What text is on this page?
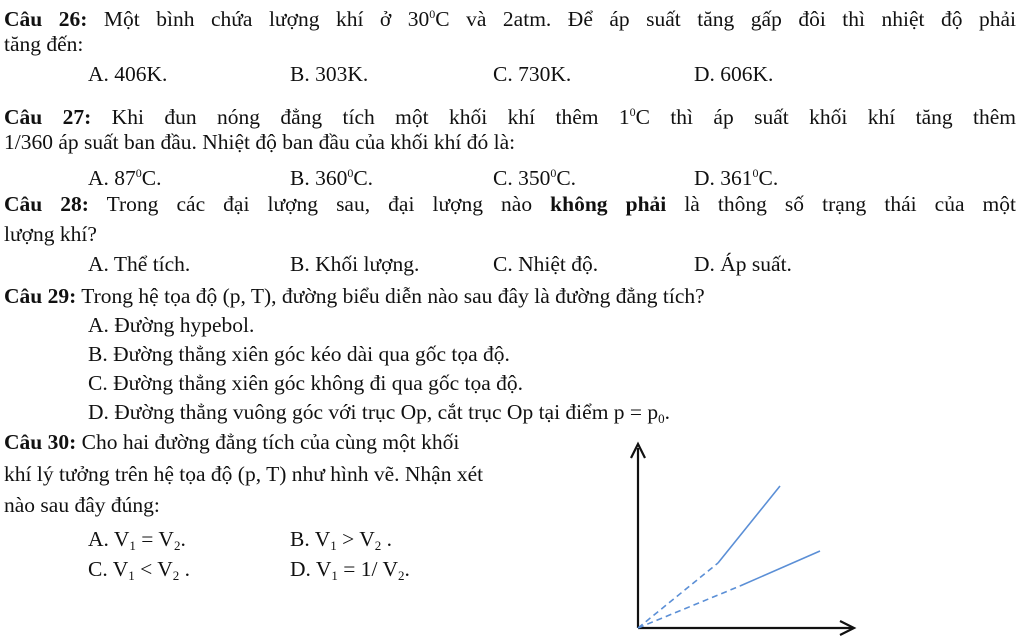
Câu 26: Một bình chứa lượng khí ở $30^0C$ và 2atm. Để áp suất tăng gấp đôi thì nhiệt độ phải
tăng đến:
A. 406K.	B. 303K.	C. 730K.	D. 606K.
Câu 27: Khi đun nóng đẳng tích một khối khí thêm $1^0C$ thì áp suất khối khí tăng thêm
1/360 áp suất ban đầu. Nhiệt độ ban đầu của khối khí đó là:
A. $87^0C$.	B. $360^0C$.	C. $350^0C$.	D. $361^0C$.
Câu 28: Trong các đại lượng sau, đại lượng nào không phải là thông số trạng thái của một
lượng khí?
A. Thể tích.	B. Khối lượng.	C. Nhiệt độ.	D. Áp suất.
Câu 29: Trong hệ tọa độ (p, T), đường biểu diễn nào sau đây là đường đẳng tích?
A. Đường hypebol.
B. Đường thẳng xiên góc kéo dài qua gốc tọa độ.
C. Đường thẳng xiên góc không đi qua gốc tọa độ.
D. Đường thẳng vuông góc với trục Op, cắt trục Op tại điểm $p = p_0$.
Câu 30: Cho hai đường đẳng tích của cùng một khối
khí lý tưởng trên hệ tọa độ (p, T) như hình vẽ. Nhận xét
nào sau đây đúng:
A. $V_1 = V_2$.	B. $V_1 > V_2$ .
C. $V_1 < V_2$ .	D. $V_1 = 1/$ $V_2$.
